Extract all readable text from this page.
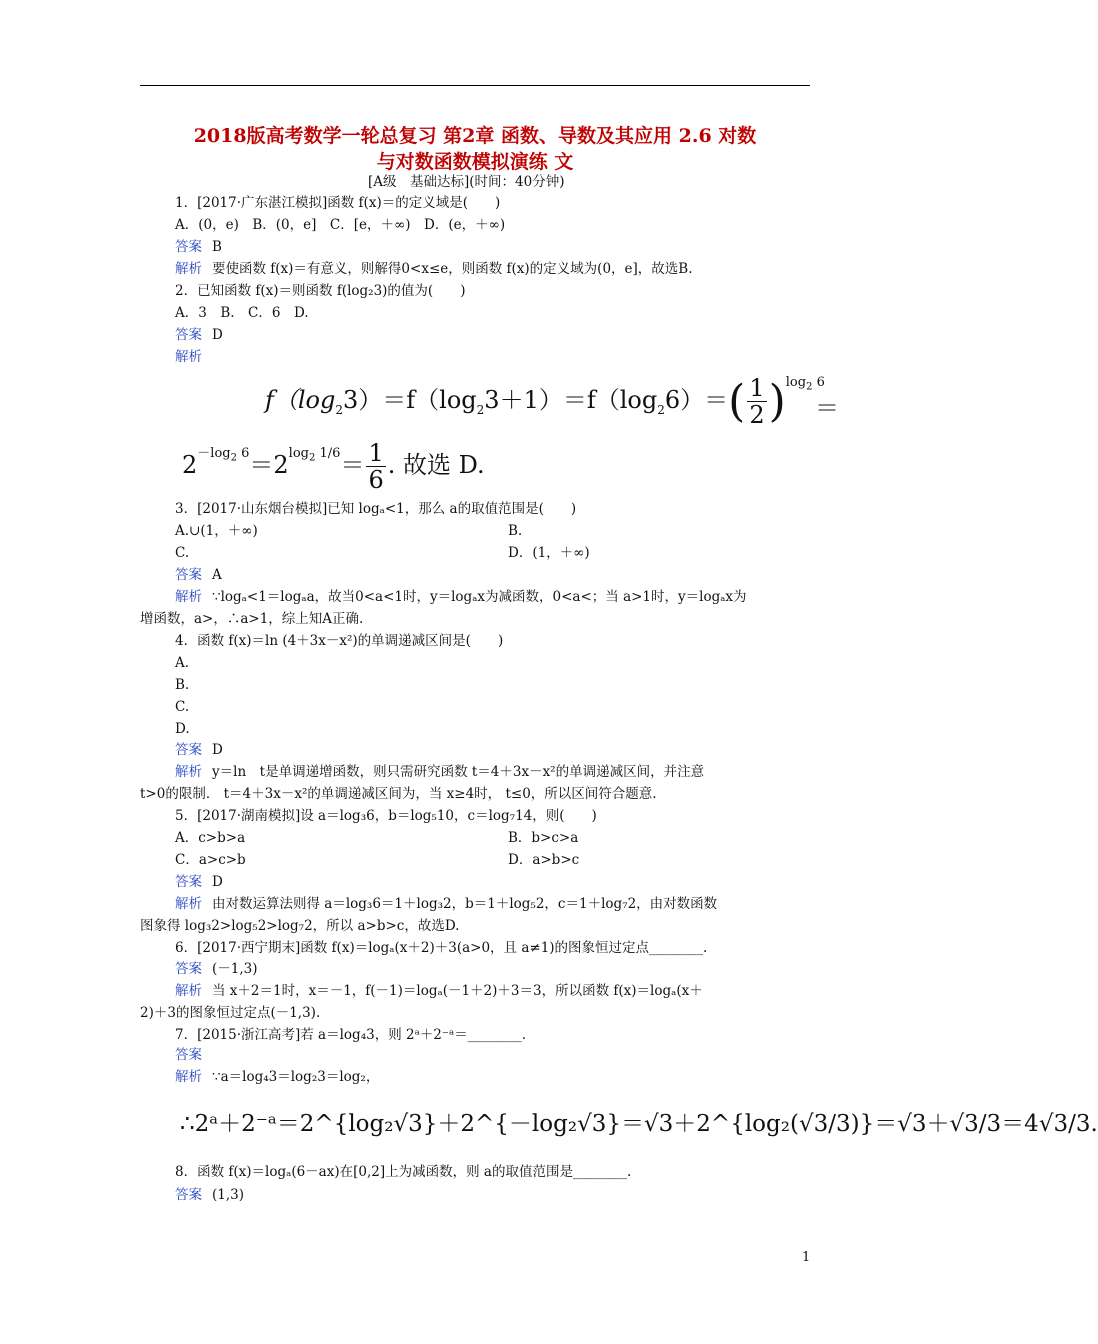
2018版高考数学一轮总复习 第2章 函数、导数及其应用 2.6 对数
与对数函数模拟演练 文
[A级　基础达标](时间：40分钟)
1．[2017·广东湛江模拟]函数 f(x)＝的定义域是(　　)
A．(0，e)　B．(0，e]　C．[e，＋∞)　D．(e，＋∞)
答案 B
解析 要使函数 f(x)＝有意义，则解得0<x≤e，则函数 f(x)的定义域为(0，e]，故选B.
2．已知函数 f(x)＝则函数 f(log₂3)的值为(　　)
A．3　B.　C．6　D.
答案 D
解析
$f(\log_23)=f(\log_23+1)=f(\log_26)=( \frac{1}{2} )^{log_2 6}$
＝
$2^{-log_2 6}=2^{log_2 1/6}= \frac{1}{6}$ . 故选 D.
3．[2017·山东烟台模拟]已知 logₐ<1，那么 a的取值范围是(　　)
A.∪(1，＋∞)	B.
C.	D．(1，＋∞)
答案 A
解析 ∵logₐ<1＝logₐa，故当0<a<1时，y＝logₐx为减函数，0<a<；当 a>1时，y＝logₐx为
增函数，a>，∴a>1，综上知A正确.
4．函数 f(x)＝ln (4＋3x－x²)的单调递减区间是(　　)
A.
B.
C.
D.
答案 D
解析 y＝ln　t是单调递增函数，则只需研究函数 t＝4＋3x－x²的单调递减区间，并注意
t>0的限制． t＝4＋3x－x²的单调递减区间为，当 x≥4时， t≤0，所以区间符合题意.
5．[2017·湖南模拟]设 a＝log₃6，b＝log₅10，c＝log₇14，则(　　)
A．c>b>a	B．b>c>a
C．a>c>b	D．a>b>c
答案 D
解析 由对数运算法则得 a＝log₃6＝1＋log₃2，b＝1＋log₅2，c＝1＋log₇2，由对数函数
图象得 log₃2>log₅2>log₇2，所以 a>b>c，故选D.
6．[2017·西宁期末]函数 f(x)＝logₐ(x＋2)＋3(a>0，且 a≠1)的图象恒过定点________.
答案 (－1,3)
解析 当 x＋2＝1时，x＝－1，f(－1)＝logₐ(－1＋2)＋3＝3，所以函数 f(x)＝logₐ(x＋
2)＋3的图象恒过定点(－1,3).
7．[2015·浙江高考]若 a＝log₄3，则 2ᵃ＋2⁻ᵃ＝________.
答案
解析 ∵a＝log₄3＝log₂3＝log₂，
∴2ᵃ＋2⁻ᵃ＝2^{log₂√3}＋2^{－log₂√3}＝√3＋2^{log₂(√3/3)}＝√3＋√3/3＝4√3/3.
8．函数 f(x)＝logₐ(6－ax)在[0,2]上为减函数，则 a的取值范围是________.
答案 (1,3)
1
